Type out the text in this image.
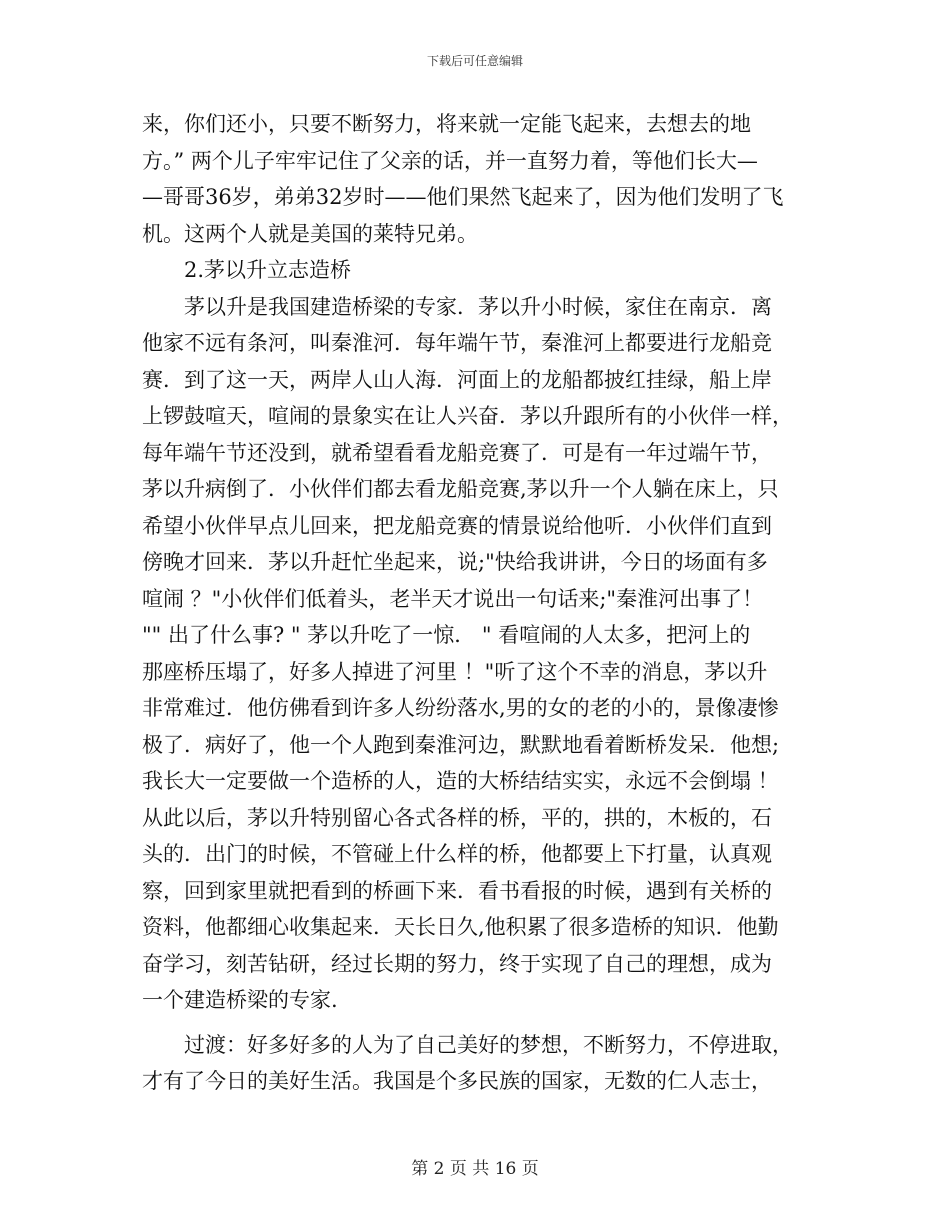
下载后可任意编辑
来，你们还小，只要不断努力，将来就一定能飞起来，去想去的地
方。” 两个儿子牢牢记住了父亲的话，并一直努力着，等他们长大—
—哥哥36岁，弟弟32岁时——他们果然飞起来了，因为他们发明了飞
机。这两个人就是美国的莱特兄弟。
　　2.茅以升立志造桥
　　茅以升是我国建造桥梁的专家．茅以升小时候，家住在南京．离
他家不远有条河，叫秦淮河．每年端午节，秦淮河上都要进行龙船竞
赛．到了这一天，两岸人山人海．河面上的龙船都披红挂绿，船上岸
上锣鼓喧天，喧闹的景象实在让人兴奋．茅以升跟所有的小伙伴一样，
每年端午节还没到，就希望看看龙船竞赛了．可是有一年过端午节，
茅以升病倒了．小伙伴们都去看龙船竞赛,茅以升一个人躺在床上，只
希望小伙伴早点儿回来，把龙船竞赛的情景说给他听．小伙伴们直到
傍晚才回来．茅以升赶忙坐起来，说;"快给我讲讲，今日的场面有多
喧闹 ？"小伙伴们低着头，老半天才说出一句话来;"秦淮河出事了！
"" 出了什么事? " 茅以升吃了一惊． " 看喧闹的人太多，把河上的
那座桥压塌了，好多人掉进了河里 ！"听了这个不幸的消息，茅以升
非常难过．他仿佛看到许多人纷纷落水,男的女的老的小的，景像凄惨
极了．病好了，他一个人跑到秦淮河边，默默地看着断桥发呆．他想;
我长大一定要做一个造桥的人，造的大桥结结实实，永远不会倒塌 ！
从此以后，茅以升特别留心各式各样的桥，平的，拱的，木板的，石
头的．出门的时候，不管碰上什么样的桥，他都要上下打量，认真观
察，回到家里就把看到的桥画下来．看书看报的时候，遇到有关桥的
资料，他都细心收集起来．天长日久,他积累了很多造桥的知识．他勤
奋学习，刻苦钻研，经过长期的努力，终于实现了自己的理想，成为
一个建造桥梁的专家.
　　过渡：好多好多的人为了自己美好的梦想，不断努力，不停进取，
才有了今日的美好生活。我国是个多民族的国家，无数的仁人志士，
第 2 页 共 16 页
